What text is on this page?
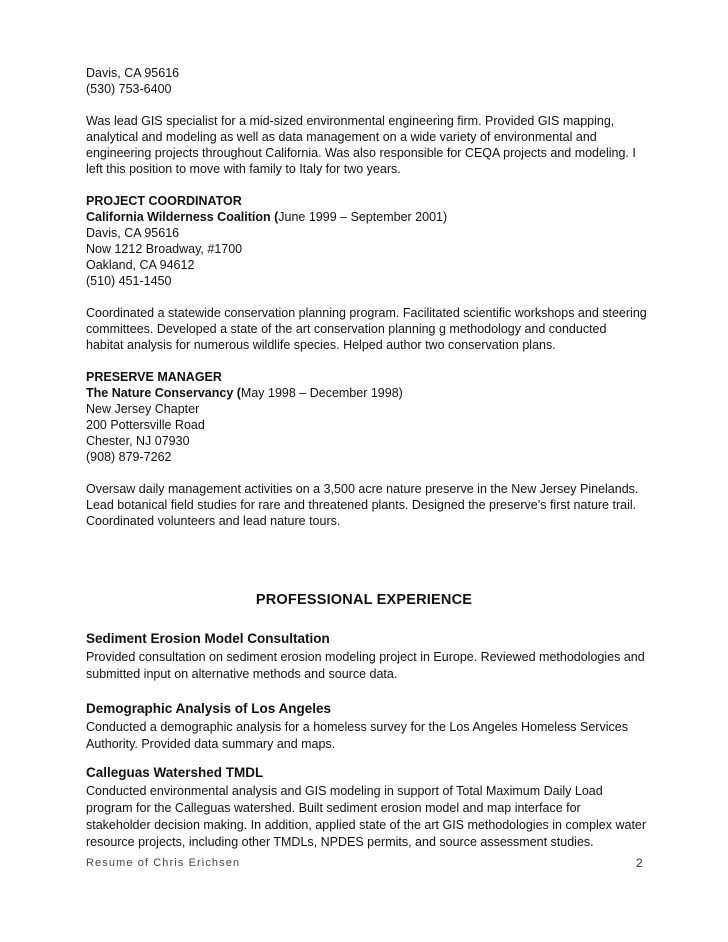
Davis, CA 95616
(530) 753-6400
Was lead GIS specialist for a mid-sized environmental engineering firm. Provided GIS mapping,
analytical and modeling as well as data management on a wide variety of environmental and
engineering projects throughout California. Was also responsible for CEQA projects and modeling. I
left this position to move with family to Italy for two years.
PROJECT COORDINATOR
California Wilderness Coalition (June 1999 – September 2001)
Davis, CA 95616
Now 1212 Broadway, #1700
Oakland, CA 94612
(510) 451-1450
Coordinated a statewide conservation planning program. Facilitated scientific workshops and steering
committees. Developed a state of the art conservation planning g methodology and conducted
habitat analysis for numerous wildlife species. Helped author two conservation plans.
PRESERVE MANAGER
The Nature Conservancy (May 1998 – December 1998)
New Jersey Chapter
200 Pottersville Road
Chester, NJ 07930
(908) 879-7262
Oversaw daily management activities on a 3,500 acre nature preserve in the New Jersey Pinelands.
Lead botanical field studies for rare and threatened plants. Designed the preserve’s first nature trail.
Coordinated volunteers and lead nature tours.
PROFESSIONAL EXPERIENCE
Sediment Erosion Model Consultation
Provided consultation on sediment erosion modeling project in Europe. Reviewed methodologies and
submitted input on alternative methods and source data.
Demographic Analysis of Los Angeles
Conducted a demographic analysis for a homeless survey for the Los Angeles Homeless Services
Authority. Provided data summary and maps.
Calleguas Watershed TMDL
Conducted environmental analysis and GIS modeling in support of Total Maximum Daily Load
program for the Calleguas watershed. Built sediment erosion model and map interface for
stakeholder decision making. In addition, applied state of the art GIS methodologies in complex water
resource projects, including other TMDLs, NPDES permits, and source assessment studies.
Resume of Chris Erichsen	2
